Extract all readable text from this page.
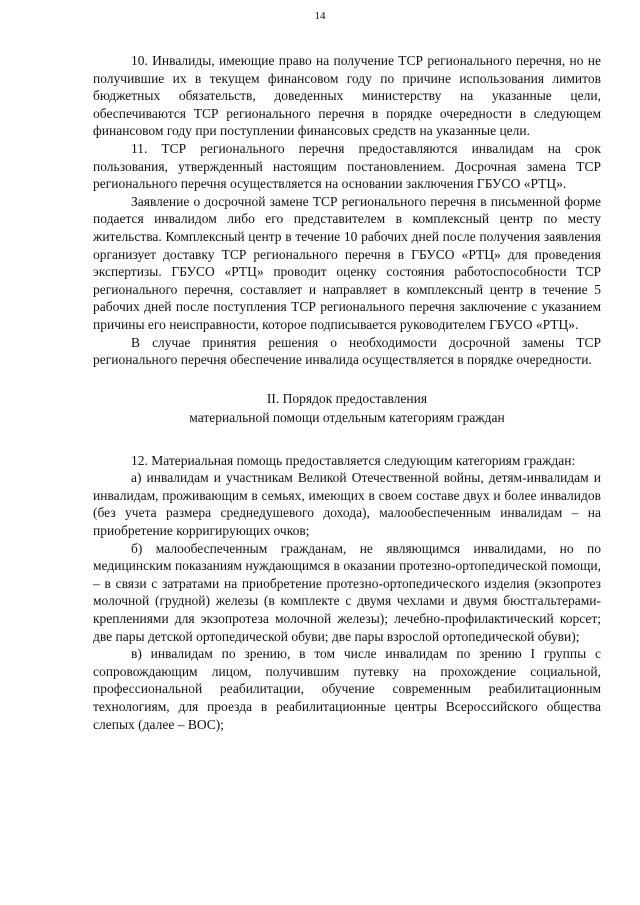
14

10. Инвалиды, имеющие право на получение ТСР регионального перечня, но не получившие их в текущем финансовом году по причине использования лимитов бюджетных обязательств, доведенных министерству на указанные цели, обеспечиваются ТСР регионального перечня в порядке очередности в следующем финансовом году при поступлении финансовых средств на указанные цели.

11. ТСР регионального перечня предоставляются инвалидам на срок пользования, утвержденный настоящим постановлением. Досрочная замена ТСР регионального перечня осуществляется на основании заключения ГБУСО «РТЦ».

Заявление о досрочной замене ТСР регионального перечня в письменной форме подается инвалидом либо его представителем в комплексный центр по месту жительства. Комплексный центр в течение 10 рабочих дней после получения заявления организует доставку ТСР регионального перечня в ГБУСО «РТЦ» для проведения экспертизы. ГБУСО «РТЦ» проводит оценку состояния работоспособности ТСР регионального перечня, составляет и направляет в комплексный центр в течение 5 рабочих дней после поступления ТСР регионального перечня заключение с указанием причины его неисправности, которое подписывается руководителем ГБУСО «РТЦ».

В случае принятия решения о необходимости досрочной замены ТСР регионального перечня обеспечение инвалида осуществляется в порядке очередности.

II. Порядок предоставления
материальной помощи отдельным категориям граждан

12. Материальная помощь предоставляется следующим категориям граждан:

а) инвалидам и участникам Великой Отечественной войны, детям-инвалидам и инвалидам, проживающим в семьях, имеющих в своем составе двух и более инвалидов (без учета размера среднедушевого дохода), малообеспеченным инвалидам – на приобретение корригирующих очков;

б) малообеспеченным гражданам, не являющимся инвалидами, но по медицинским показаниям нуждающимся в оказании протезно-ортопедической помощи, – в связи с затратами на приобретение протезно-ортопедического изделия (экзопротез молочной (грудной) железы (в комплекте с двумя чехлами и двумя бюстгальтерами-креплениями для экзопротеза молочной железы); лечебно-профилактический корсет; две пары детской ортопедической обуви; две пары взрослой ортопедической обуви);

в) инвалидам по зрению, в том числе инвалидам по зрению I группы с сопровождающим лицом, получившим путевку на прохождение социальной, профессиональной реабилитации, обучение современным реабилитационным технологиям, для проезда в реабилитационные центры Всероссийского общества слепых (далее – ВОС);
